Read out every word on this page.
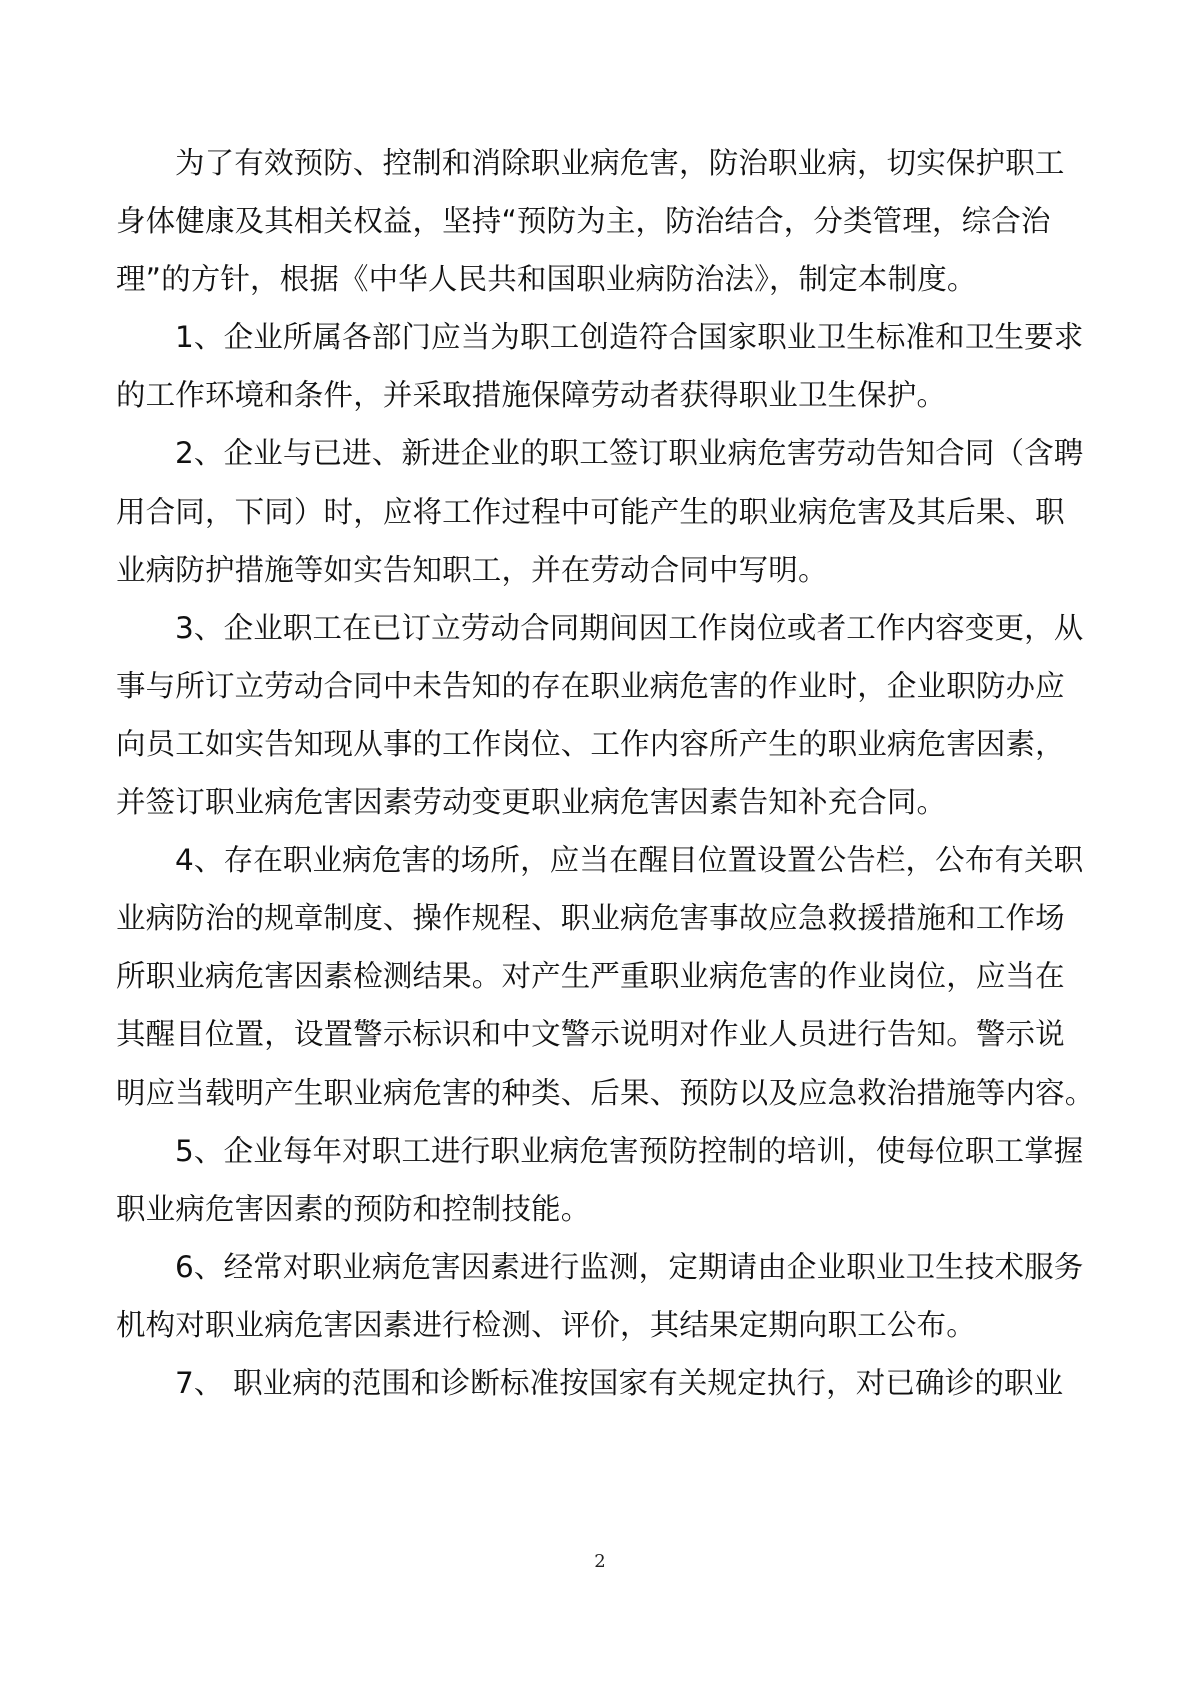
为了有效预防、控制和消除职业病危害，防治职业病，切实保护职工
身体健康及其相关权益，坚持“预防为主，防治结合，分类管理，综合治
理”的方针，根据《中华人民共和国职业病防治法》，制定本制度。
1、企业所属各部门应当为职工创造符合国家职业卫生标准和卫生要求
的工作环境和条件，并采取措施保障劳动者获得职业卫生保护。
2、企业与已进、新进企业的职工签订职业病危害劳动告知合同（含聘
用合同，下同）时，应将工作过程中可能产生的职业病危害及其后果、职
业病防护措施等如实告知职工，并在劳动合同中写明。
3、企业职工在已订立劳动合同期间因工作岗位或者工作内容变更，从
事与所订立劳动合同中未告知的存在职业病危害的作业时，企业职防办应
向员工如实告知现从事的工作岗位、工作内容所产生的职业病危害因素，
并签订职业病危害因素劳动变更职业病危害因素告知补充合同。
4、存在职业病危害的场所，应当在醒目位置设置公告栏，公布有关职
业病防治的规章制度、操作规程、职业病危害事故应急救援措施和工作场
所职业病危害因素检测结果。对产生严重职业病危害的作业岗位，应当在
其醒目位置，设置警示标识和中文警示说明对作业人员进行告知。警示说
明应当载明产生职业病危害的种类、后果、预防以及应急救治措施等内容。
5、企业每年对职工进行职业病危害预防控制的培训，使每位职工掌握
职业病危害因素的预防和控制技能。
6、经常对职业病危害因素进行监测，定期请由企业职业卫生技术服务
机构对职业病危害因素进行检测、评价，其结果定期向职工公布。
7、 职业病的范围和诊断标准按国家有关规定执行，对已确诊的职业
2
